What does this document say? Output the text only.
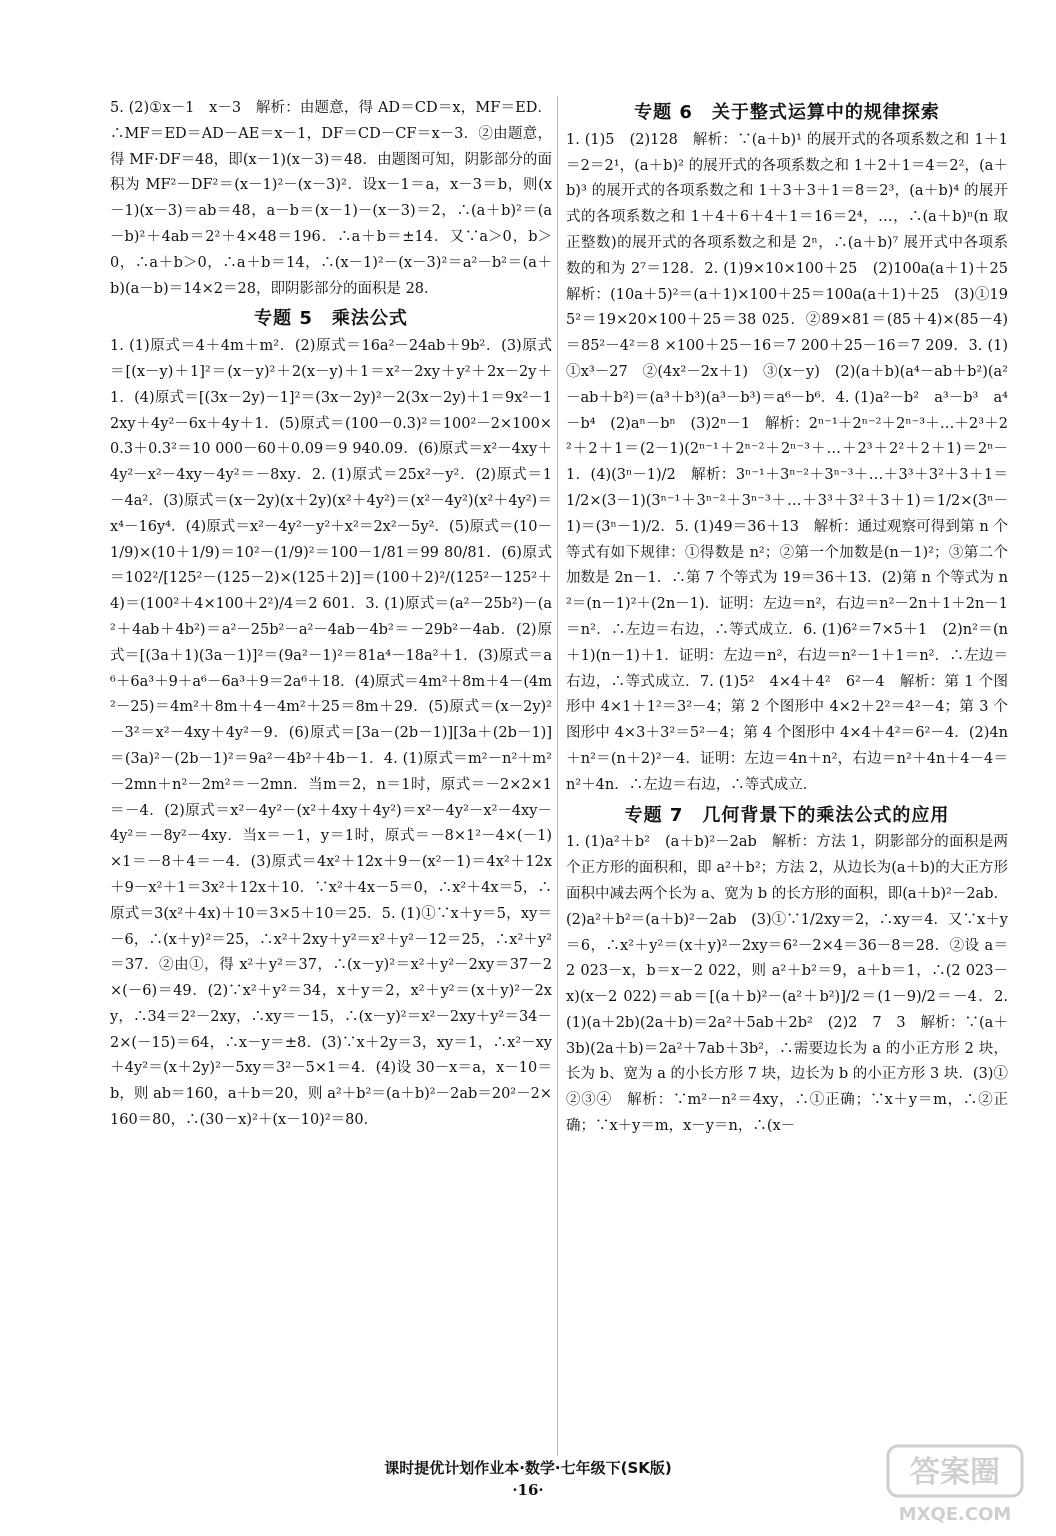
5. (2)①x－1　x－3　解析：由题意，得 AD＝CD＝x，MF＝ED．∴MF＝ED＝AD－AE＝x－1，DF＝CD－CF＝x－3．②由题意，得 MF·DF＝48，即(x－1)(x－3)＝48．由题图可知，阴影部分的面积为 MF²－DF²＝(x－1)²－(x－3)²．设x－1＝a，x－3＝b，则(x－1)(x－3)＝ab＝48，a－b＝(x－1)－(x－3)＝2，∴(a＋b)²＝(a－b)²＋4ab＝2²＋4×48＝196．∴a＋b＝±14．又∵a＞0，b＞0，∴a＋b＞0，∴a＋b＝14，∴(x－1)²－(x－3)²＝a²－b²＝(a＋b)(a－b)＝14×2＝28，即阴影部分的面积是 28．

专题 5　乘法公式

1. (1)原式＝4＋4m＋m²．(2)原式＝16a²－24ab＋9b²．(3)原式＝[(x－y)＋1]²＝(x－y)²＋2(x－y)＋1＝x²－2xy＋y²＋2x－2y＋1．(4)原式＝[(3x－2y)－1]²＝(3x－2y)²－2(3x－2y)＋1＝9x²－12xy＋4y²－6x＋4y＋1．(5)原式＝(100－0.3)²＝100²－2×100×0.3＋0.3²＝10 000－60＋0.09＝9 940.09．(6)原式＝x²－4xy＋4y²－x²－4xy－4y²＝－8xy．2. (1)原式＝25x²－y²．(2)原式＝1－4a²．(3)原式＝(x－2y)(x＋2y)(x²＋4y²)＝(x²－4y²)(x²＋4y²)＝x⁴－16y⁴．(4)原式＝x²－4y²－y²＋x²＝2x²－5y²．(5)原式＝(10－1/9)×(10＋1/9)＝10²－(1/9)²＝100－1/81＝99 80/81．(6)原式＝102²/[125²－(125－2)×(125＋2)]＝(100＋2)²/(125²－125²＋4)＝(100²＋4×100＋2²)/4＝2 601．3. (1)原式＝(a²－25b²)－(a²＋4ab＋4b²)＝a²－25b²－a²－4ab－4b²＝－29b²－4ab．(2)原式＝[(3a＋1)(3a－1)]²＝(9a²－1)²＝81a⁴－18a²＋1．(3)原式＝a⁶＋6a³＋9＋a⁶－6a³＋9＝2a⁶＋18．(4)原式＝4m²＋8m＋4－(4m²－25)＝4m²＋8m＋4－4m²＋25＝8m＋29．(5)原式＝(x－2y)²－3²＝x²－4xy＋4y²－9．(6)原式＝[3a－(2b－1)][3a＋(2b－1)]＝(3a)²－(2b－1)²＝9a²－4b²＋4b－1．4. (1)原式＝m²－n²＋m²－2mn＋n²－2m²＝－2mn．当m＝2，n＝1时，原式＝－2×2×1＝－4．(2)原式＝x²－4y²－(x²＋4xy＋4y²)＝x²－4y²－x²－4xy－4y²＝－8y²－4xy．当x＝－1，y＝1时，原式＝－8×1²－4×(－1)×1＝－8＋4＝－4．(3)原式＝4x²＋12x＋9－(x²－1)＝4x²＋12x＋9－x²＋1＝3x²＋12x＋10．∵x²＋4x－5＝0，∴x²＋4x＝5，∴原式＝3(x²＋4x)＋10＝3×5＋10＝25．5. (1)①∵x＋y＝5，xy＝－6，∴(x＋y)²＝25，∴x²＋2xy＋y²＝x²＋y²－12＝25，∴x²＋y²＝37．②由①，得 x²＋y²＝37，∴(x－y)²＝x²＋y²－2xy＝37－2×(－6)＝49．(2)∵x²＋y²＝34，x＋y＝2，x²＋y²＝(x＋y)²－2xy，∴34＝2²－2xy，∴xy＝－15，∴(x－y)²＝x²－2xy＋y²＝34－2×(－15)＝64，∴x－y＝±8．(3)∵x＋2y＝3，xy＝1，∴x²－xy＋4y²＝(x＋2y)²－5xy＝3²－5×1＝4．(4)设 30－x＝a，x－10＝b，则 ab＝160，a＋b＝20，则 a²＋b²＝(a＋b)²－2ab＝20²－2×160＝80，∴(30－x)²＋(x－10)²＝80．

专题 6　关于整式运算中的规律探索

1. (1)5　(2)128　解析：∵(a＋b)¹ 的展开式的各项系数之和 1＋1＝2＝2¹，(a＋b)² 的展开式的各项系数之和 1＋2＋1＝4＝2²，(a＋b)³ 的展开式的各项系数之和 1＋3＋3＋1＝8＝2³，(a＋b)⁴ 的展开式的各项系数之和 1＋4＋6＋4＋1＝16＝2⁴，…，∴(a＋b)ⁿ(n 取正整数)的展开式的各项系数之和是 2ⁿ，∴(a＋b)⁷ 展开式中各项系数的和为 2⁷＝128．2. (1)9×10×100＋25　(2)100a(a＋1)＋25　解析：(10a＋5)²＝(a＋1)×100＋25＝100a(a＋1)＋25　(3)①195²＝19×20×100＋25＝38 025．②89×81＝(85＋4)×(85－4)＝85²－4²＝8 ×100＋25－16＝7 200＋25－16＝7 209．3. (1)①x³－27　②(4x²－2x＋1)　③(x－y)　(2)(a＋b)(a⁴－ab＋b²)(a²－ab＋b²)＝(a³＋b³)(a³－b³)＝a⁶－b⁶．4. (1)a²－b²　a³－b³　a⁴－b⁴　(2)aⁿ－bⁿ　(3)2ⁿ－1　解析：2ⁿ⁻¹＋2ⁿ⁻²＋2ⁿ⁻³＋…＋2³＋2²＋2＋1＝(2－1)(2ⁿ⁻¹＋2ⁿ⁻²＋2ⁿ⁻³＋…＋2³＋2²＋2＋1)＝2ⁿ－1．(4)(3ⁿ－1)/2　解析：3ⁿ⁻¹＋3ⁿ⁻²＋3ⁿ⁻³＋…＋3³＋3²＋3＋1＝1/2×(3－1)(3ⁿ⁻¹＋3ⁿ⁻²＋3ⁿ⁻³＋…＋3³＋3²＋3＋1)＝1/2×(3ⁿ－1)＝(3ⁿ－1)/2．5. (1)49＝36＋13　解析：通过观察可得到第 n 个等式有如下规律：①得数是 n²；②第一个加数是(n－1)²；③第二个加数是 2n－1．∴第 7 个等式为 19＝36＋13．(2)第 n 个等式为 n²＝(n－1)²＋(2n－1)．证明：左边＝n²，右边＝n²－2n＋1＋2n－1＝n²．∴左边＝右边，∴等式成立．6. (1)6²＝7×5＋1　(2)n²＝(n＋1)(n－1)＋1．证明：左边＝n²，右边＝n²－1＋1＝n²．∴左边＝右边，∴等式成立．7. (1)5²　4×4＋4²　6²－4　解析：第 1 个图形中 4×1＋1²＝3²－4；第 2 个图形中 4×2＋2²＝4²－4；第 3 个图形中 4×3＋3²＝5²－4；第 4 个图形中 4×4＋4²＝6²－4．(2)4n＋n²＝(n＋2)²－4．证明：左边＝4n＋n²，右边＝n²＋4n＋4－4＝n²＋4n．∴左边＝右边，∴等式成立．

专题 7　几何背景下的乘法公式的应用

1. (1)a²＋b²　(a＋b)²－2ab　解析：方法 1，阴影部分的面积是两个正方形的面积和，即 a²＋b²；方法 2，从边长为(a＋b)的大正方形面积中减去两个长为 a、宽为 b 的长方形的面积，即(a＋b)²－2ab．(2)a²＋b²＝(a＋b)²－2ab　(3)①∵1/2xy＝2，∴xy＝4．又∵x＋y＝6，∴x²＋y²＝(x＋y)²－2xy＝6²－2×4＝36－8＝28．②设 a＝2 023－x，b＝x－2 022，则 a²＋b²＝9，a＋b＝1，∴(2 023－x)(x－2 022)＝ab＝[(a＋b)²－(a²＋b²)]/2＝(1－9)/2＝－4．2. (1)(a＋2b)(2a＋b)＝2a²＋5ab＋2b²　(2)2　7　3　解析：∵(a＋3b)(2a＋b)＝2a²＋7ab＋3b²，∴需要边长为 a 的小正方形 2 块，长为 b、宽为 a 的小长方形 7 块，边长为 b 的小正方形 3 块．(3)①②③④　解析：∵m²－n²＝4xy，∴①正确；∵x＋y＝m，∴②正确；∵x＋y＝m，x－y＝n，∴(x－

课时提优计划作业本·数学·七年级下(SK版)
·16·	答案圈
MXQE.COM
